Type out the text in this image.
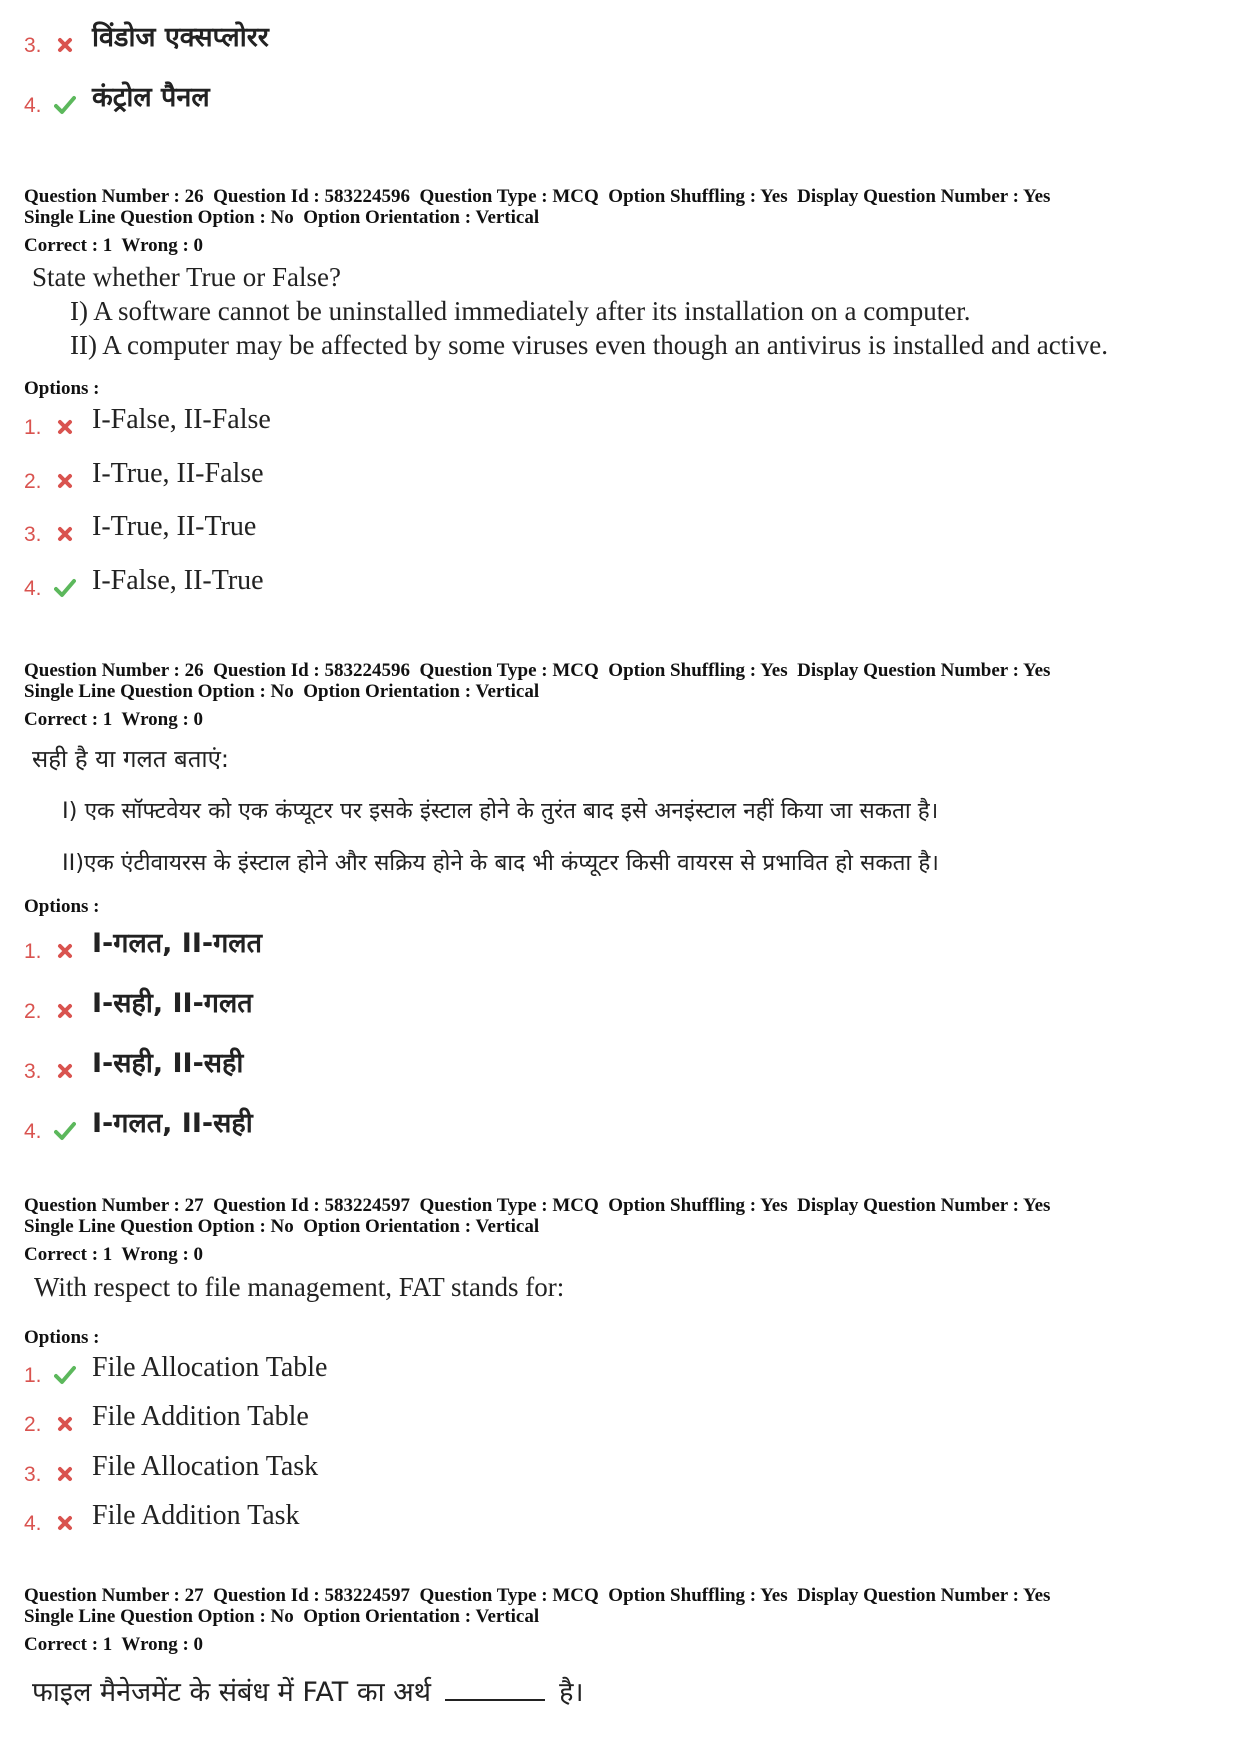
3. विंडोज एक्सप्लोरर
4. कंट्रोल पैनल
Question Number : 26  Question Id : 583224596  Question Type : MCQ  Option Shuffling : Yes  Display Question Number : Yes
Single Line Question Option : No  Option Orientation : Vertical
Correct : 1  Wrong : 0
State whether True or False?
I) A software cannot be uninstalled immediately after its installation on a computer.
II) A computer may be affected by some viruses even though an antivirus is installed and active.
Options :
1. I-False, II-False
2. I-True, II-False
3. I-True, II-True
4. I-False, II-True
Question Number : 26  Question Id : 583224596  Question Type : MCQ  Option Shuffling : Yes  Display Question Number : Yes
Single Line Question Option : No  Option Orientation : Vertical
Correct : 1  Wrong : 0
सही है या गलत बताएं:
I) एक सॉफ्टवेयर को एक कंप्यूटर पर इसके इंस्टाल होने के तुरंत बाद इसे अनइंस्टाल नहीं किया जा सकता है।
II)एक एंटीवायरस के इंस्टाल होने और सक्रिय होने के बाद भी कंप्यूटर किसी वायरस से प्रभावित हो सकता है।
Options :
1. I-गलत, II-गलत
2. I-सही, II-गलत
3. I-सही, II-सही
4. I-गलत, II-सही
Question Number : 27  Question Id : 583224597  Question Type : MCQ  Option Shuffling : Yes  Display Question Number : Yes
Single Line Question Option : No  Option Orientation : Vertical
Correct : 1  Wrong : 0
With respect to file management, FAT stands for:
Options :
1. File Allocation Table
2. File Addition Table
3. File Allocation Task
4. File Addition Task
Question Number : 27  Question Id : 583224597  Question Type : MCQ  Option Shuffling : Yes  Display Question Number : Yes
Single Line Question Option : No  Option Orientation : Vertical
Correct : 1  Wrong : 0
फाइल मैनेजमेंट के संबंध में FAT का अर्थ	है।
